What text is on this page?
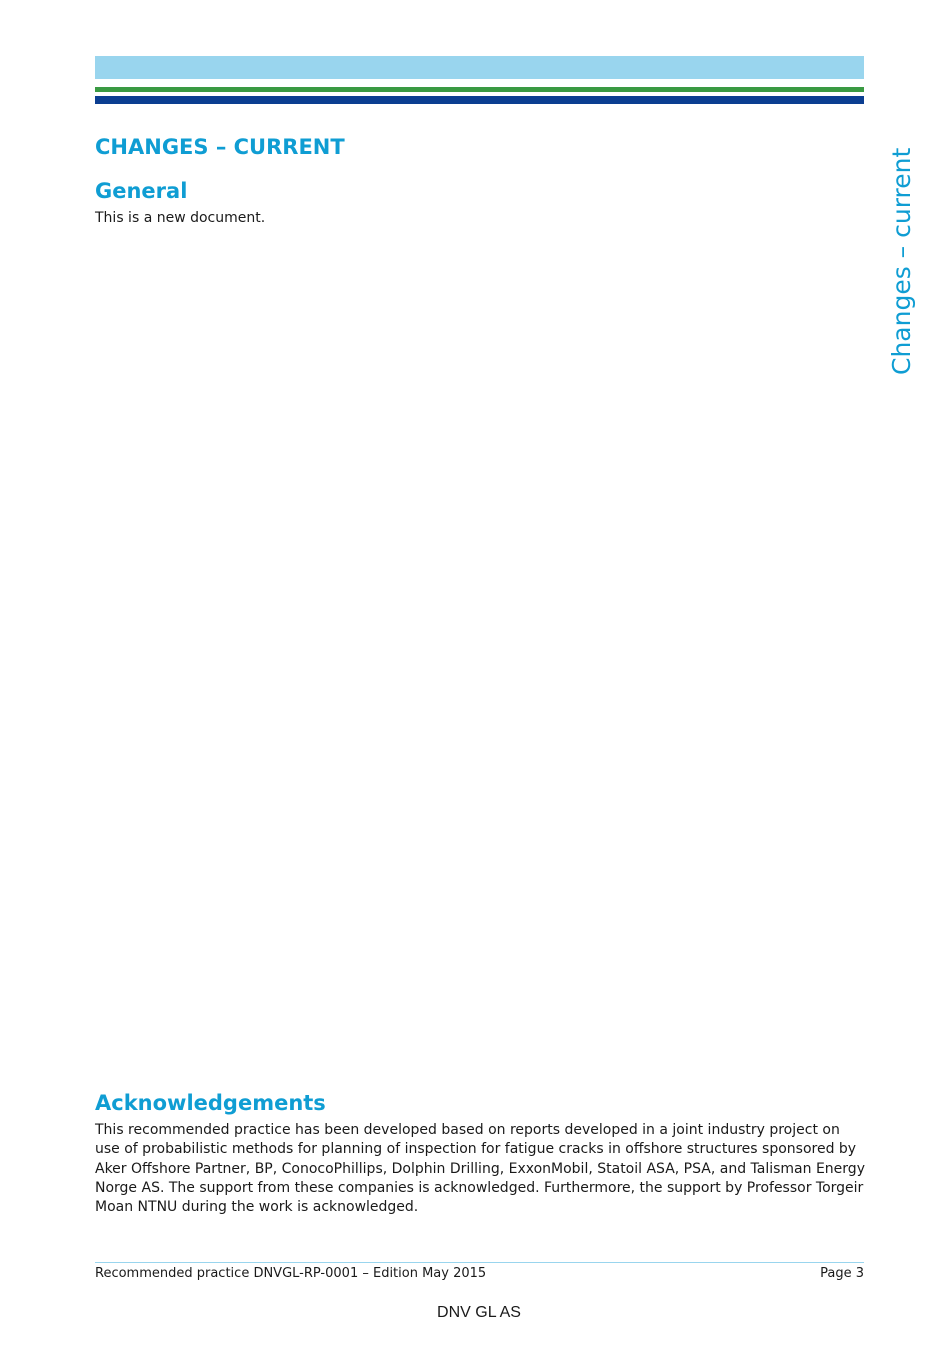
CHANGES – CURRENT
Changes – current
General

This is a new document.

Acknowledgements

This recommended practice has been developed based on reports developed in a joint industry project on use of probabilistic methods for planning of inspection for fatigue cracks in offshore structures sponsored by Aker Offshore Partner, BP, ConocoPhillips, Dolphin Drilling, ExxonMobil, Statoil ASA, PSA, and Talisman Energy Norge AS. The support from these companies is acknowledged. Furthermore, the support by Professor Torgeir Moan NTNU during the work is acknowledged.

Recommended practice DNVGL-RP-0001 – Edition May 2015	Page 3
DNV GL AS
